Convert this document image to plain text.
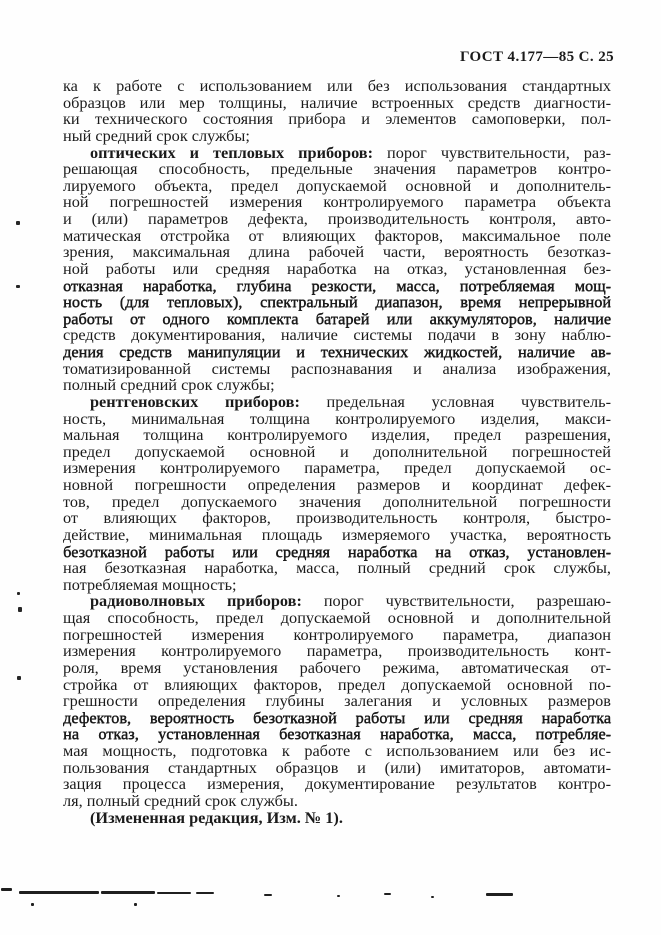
ГОСТ 4.177—85 С. 25
ка к работе с использованием или без использования стандартных
образцов или мер толщины, наличие встроенных средств диагности-
ки технического состояния прибора и элементов самоповерки, пол-
ный средний срок службы;
оптических и тепловых приборов: порог чувствительности, раз-
решающая способность, предельные значения параметров контро-
лируемого объекта, предел допускаемой основной и дополнитель-
ной погрешностей измерения контролируемого параметра объекта
и (или) параметров дефекта, производительность контроля, авто-
матическая отстройка от влияющих факторов, максимальное поле
зрения, максимальная длина рабочей части, вероятность безотказ-
ной работы или средняя наработка на отказ, установленная без-
отказная наработка, глубина резкости, масса, потребляемая мощ-
ность (для тепловых), спектральный диапазон, время непрерывной
работы от одного комплекта батарей или аккумуляторов, наличие
средств документирования, наличие системы подачи в зону наблю-
дения средств манипуляции и технических жидкостей, наличие ав-
томатизированной системы распознавания и анализа изображения,
полный средний срок службы;
рентгеновских приборов: предельная условная чувствитель-
ность, минимальная толщина контролируемого изделия, макси-
мальная толщина контролируемого изделия, предел разрешения,
предел допускаемой основной и дополнительной погрешностей
измерения контролируемого параметра, предел допускаемой ос-
новной погрешности определения размеров и координат дефек-
тов, предел допускаемого значения дополнительной погрешности
от влияющих факторов, производительность контроля, быстро-
действие, минимальная площадь измеряемого участка, вероятность
безотказной работы или средняя наработка на отказ, установлен-
ная безотказная наработка, масса, полный средний срок службы,
потребляемая мощность;
радиоволновых приборов: порог чувствительности, разрешаю-
щая способность, предел допускаемой основной и дополнительной
погрешностей измерения контролируемого параметра, диапазон
измерения контролируемого параметра, производительность конт-
роля, время установления рабочего режима, автоматическая от-
стройка от влияющих факторов, предел допускаемой основной по-
грешности определения глубины залегания и условных размеров
дефектов, вероятность безотказной работы или средняя наработка
на отказ, установленная безотказная наработка, масса, потребляе-
мая мощность, подготовка к работе с использованием или без ис-
пользования стандартных образцов и (или) имитаторов, автомати-
зация процесса измерения, документирование результатов контро-
ля, полный средний срок службы.
(Измененная редакция, Изм. № 1).
